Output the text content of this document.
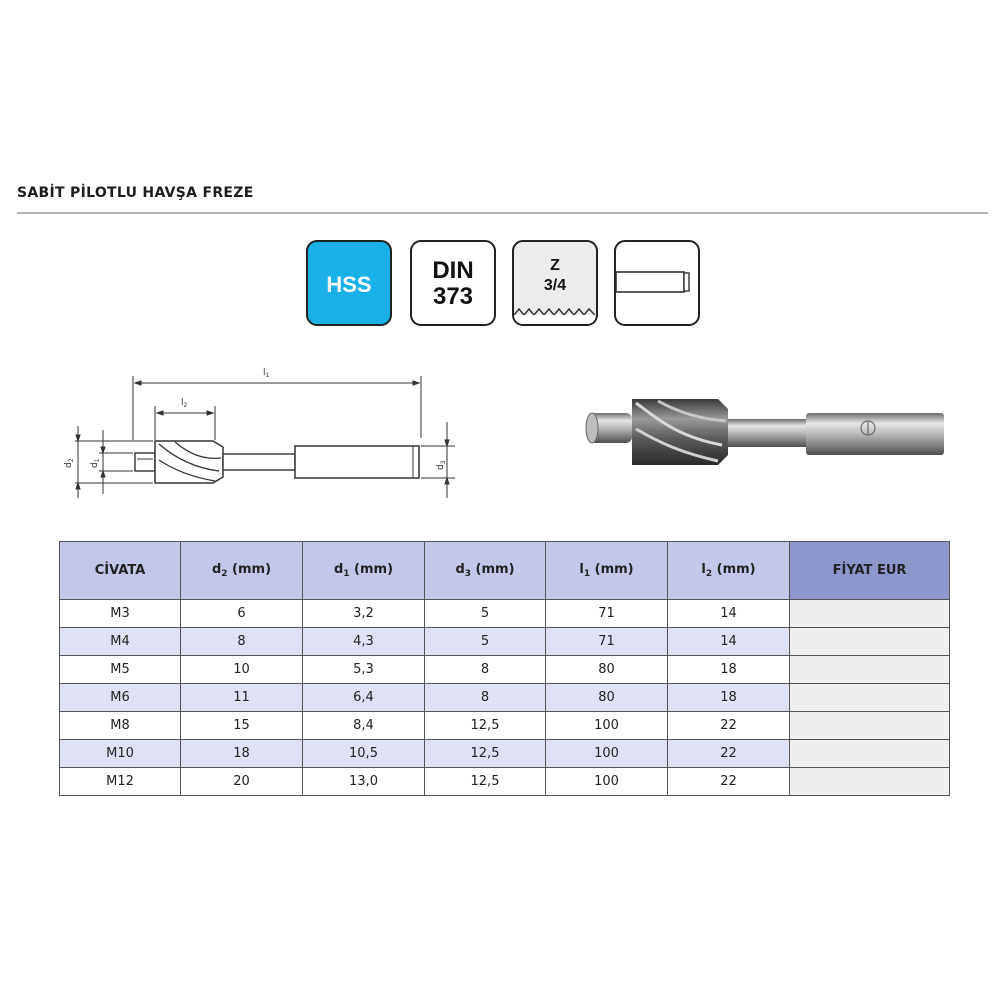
SABİT PİLOTLU HAVŞA FREZE
HSS
DIN
373
Z
3/4
$l_1$
$l_2$
$d_2$
$d_1$
$d_3$
CİVATA	$d_2$ (mm)	$d_1$ (mm)	$d_3$ (mm)	$l_1$ (mm)	$l_2$ (mm)	FİYAT EUR
M3	6	3,2	5	71	14	
M4	8	4,3	5	71	14	
M5	10	5,3	8	80	18	
M6	11	6,4	8	80	18	
M8	15	8,4	12,5	100	22	
M10	18	10,5	12,5	100	22	
M12	20	13,0	12,5	100	22	
